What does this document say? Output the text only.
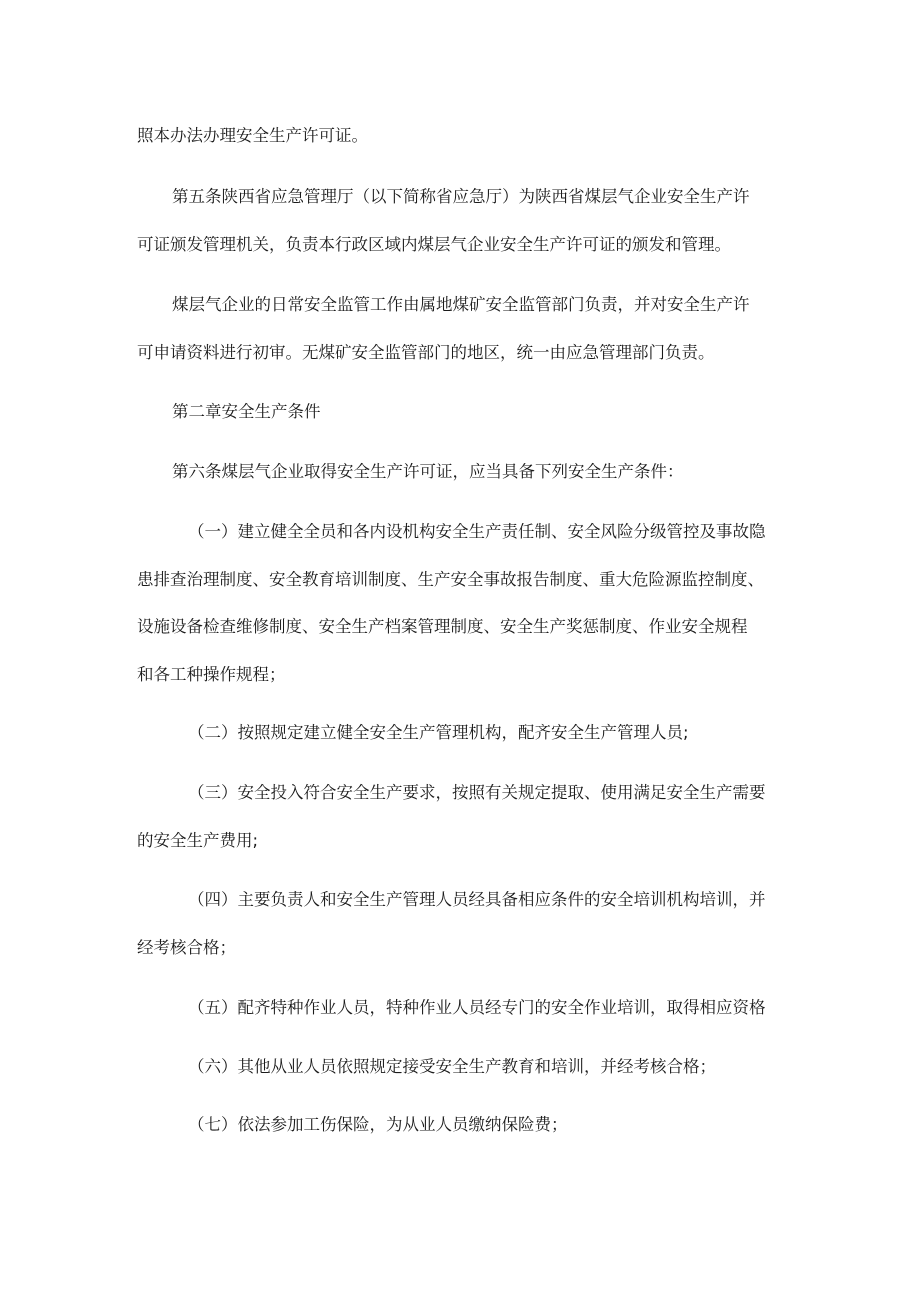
照本办法办理安全生产许可证。
第五条陕西省应急管理厅（以下简称省应急厅）为陕西省煤层气企业安全生产许
可证颁发管理机关，负责本行政区域内煤层气企业安全生产许可证的颁发和管理。
煤层气企业的日常安全监管工作由属地煤矿安全监管部门负责，并对安全生产许
可申请资料进行初审。无煤矿安全监管部门的地区，统一由应急管理部门负责。
第二章安全生产条件
第六条煤层气企业取得安全生产许可证，应当具备下列安全生产条件：
（一）建立健全全员和各内设机构安全生产责任制、安全风险分级管控及事故隐
患排查治理制度、安全教育培训制度、生产安全事故报告制度、重大危险源监控制度、
设施设备检查维修制度、安全生产档案管理制度、安全生产奖惩制度、作业安全规程
和各工种操作规程；
（二）按照规定建立健全安全生产管理机构，配齐安全生产管理人员;
（三）安全投入符合安全生产要求，按照有关规定提取、使用满足安全生产需要
的安全生产费用;
（四）主要负责人和安全生产管理人员经具备相应条件的安全培训机构培训，并
经考核合格；
（五）配齐特种作业人员，特种作业人员经专门的安全作业培训，取得相应资格
（六）其他从业人员依照规定接受安全生产教育和培训，并经考核合格；
（七）依法参加工伤保险，为从业人员缴纳保险费；
